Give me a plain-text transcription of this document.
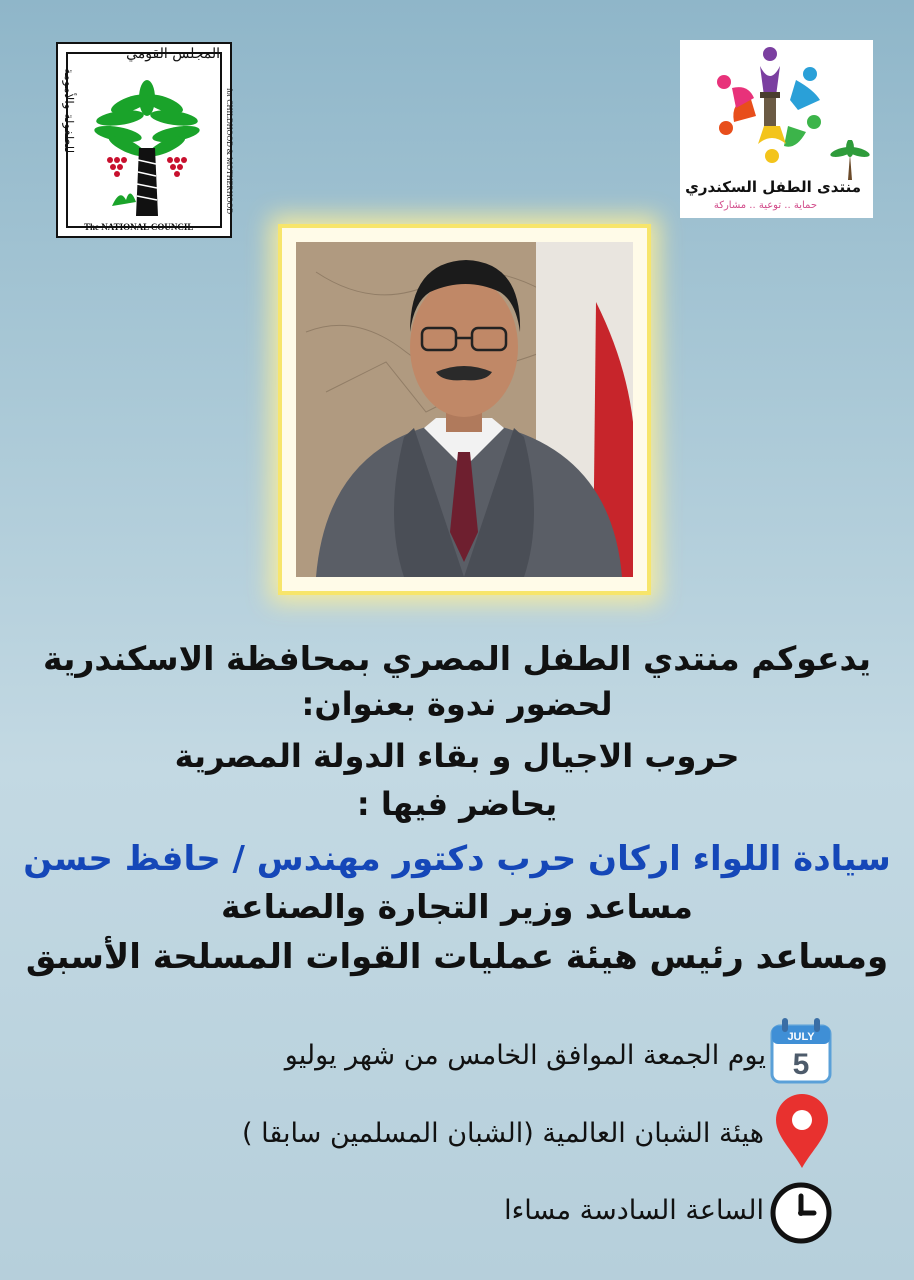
المجلس القومي
للطفولة والأمومة	for CHILDHOOD & MOTHERHOOD
The NATIONAL COUNCIL
منتدى الطفل السكندري
حماية .. توعية .. مشاركة
يدعوكم منتدي الطفل المصري بمحافظة الاسكندرية
لحضور ندوة بعنوان:
حروب الاجيال و بقاء الدولة المصرية
يحاضر فيها :
سيادة اللواء اركان حرب دكتور مهندس / حافظ حسن
مساعد وزير التجارة والصناعة
ومساعد رئيس هيئة عمليات القوات المسلحة الأسبق
JULY
5
يوم الجمعة الموافق الخامس من شهر يوليو
هيئة الشبان العالمية (الشبان المسلمين سابقا )
الساعة السادسة مساءا
